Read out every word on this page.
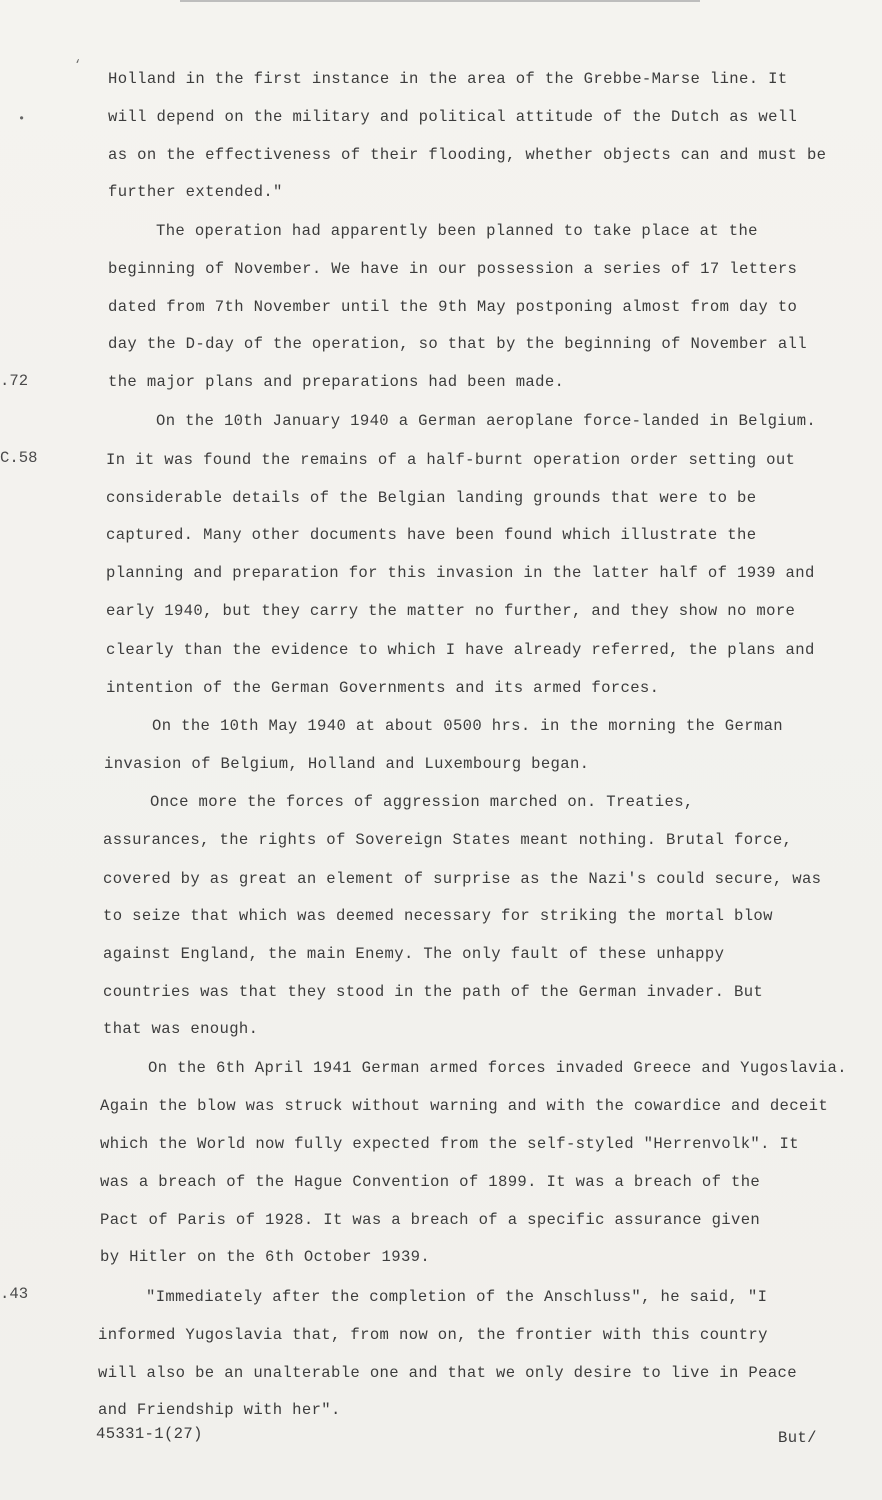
‘
•
.72
C.58
.43
Holland in the first instance in the area of the Grebbe-Marse line. It
will depend on the military and political attitude of the Dutch as well
as on the effectiveness of their flooding, whether objects can and must be
further extended."
The operation had apparently been planned to take place at the
beginning of November. We have in our possession a series of 17 letters
dated from 7th November until the 9th May postponing almost from day to
day the D-day of the operation, so that by the beginning of November all
the major plans and preparations had been made.
On the 10th January 1940 a German aeroplane force-landed in Belgium.
In it was found the remains of a half-burnt operation order setting out
considerable details of the Belgian landing grounds that were to be
captured. Many other documents have been found which illustrate the
planning and preparation for this invasion in the latter half of 1939 and
early 1940, but they carry the matter no further, and they show no more
clearly than the evidence to which I have already referred, the plans and
intention of the German Governments and its armed forces.
On the 10th May 1940 at about 0500 hrs. in the morning the German
invasion of Belgium, Holland and Luxembourg began.
Once more the forces of aggression marched on. Treaties,
assurances, the rights of Sovereign States meant nothing. Brutal force,
covered by as great an element of surprise as the Nazi's could secure, was
to seize that which was deemed necessary for striking the mortal blow
against England, the main Enemy. The only fault of these unhappy
countries was that they stood in the path of the German invader. But
that was enough.
On the 6th April 1941 German armed forces invaded Greece and Yugoslavia.
Again the blow was struck without warning and with the cowardice and deceit
which the World now fully expected from the self-styled "Herrenvolk". It
was a breach of the Hague Convention of 1899. It was a breach of the
Pact of Paris of 1928. It was a breach of a specific assurance given
by Hitler on the 6th October 1939.
"Immediately after the completion of the Anschluss", he said, "I
informed Yugoslavia that, from now on, the frontier with this country
will also be an unalterable one and that we only desire to live in Peace
and Friendship with her".
45331-1(27)	But/
